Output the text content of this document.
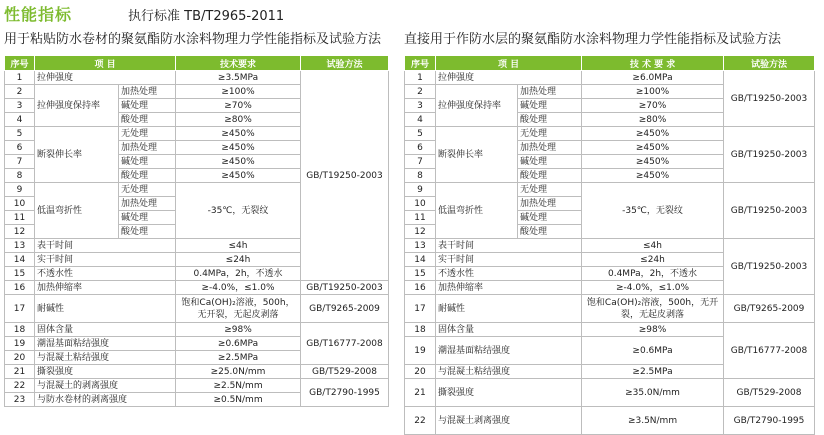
性能指标	执行标准 TB/T2965-2011
用于粘贴防水卷材的聚氨酯防水涂料物理力学性能指标及试验方法 直接用于作防水层的聚氨酯防水涂料物理力学性能指标及试验方法
序号	项 目		技术要求	试验方法
1	拉伸强度		≥3.5MPa	GB/T19250-2003
2	拉伸强度保持率	加热处理	≥100%	
3		碱处理	≥70%	
4		酸处理	≥80%	
5	断裂伸长率	无处理	≥450%	
6		加热处理	≥450%	
7		碱处理	≥450%	
8		酸处理	≥450%	
9	低温弯折性	无处理	-35℃，无裂纹	
10		加热处理		
11		碱处理		
12		酸处理		
13	表干时间		≤4h	
14	实干时间		≤24h	
15	不透水性		0.4MPa，2h，不透水	
16	加热伸缩率		≥-4.0%，≤1.0%	GB/T19250-2003
17	耐碱性		饱和Ca(OH)₂溶液，500h，无开裂，无起皮剥落	GB/T9265-2009
18	固体含量		≥98%	GB/T16777-2008
19	潮湿基面粘结强度		≥0.6MPa	
20	与混凝土粘结强度		≥2.5MPa	
21	撕裂强度		≥25.0N/mm	GB/T529-2008
22	与混凝土的剥离强度		≥2.5N/mm	GB/T2790-1995
23	与防水卷材的剥离强度		≥0.5N/mm	
序号	项 目		技 术 要 求	试验方法
1	拉伸强度		≥6.0MPa	GB/T19250-2003
2	拉伸强度保持率	加热处理	≥100%	
3		碱处理	≥70%	
4		酸处理	≥80%	
5	断裂伸长率	无处理	≥450%	GB/T19250-2003
6		加热处理	≥450%	
7		碱处理	≥450%	
8		酸处理	≥450%	
9	低温弯折性	无处理	-35℃，无裂纹	GB/T19250-2003
10		加热处理		
11		碱处理		
12		酸处理		
13	表干时间		≤4h	GB/T19250-2003
14	实干时间		≤24h	
15	不透水性		0.4MPa，2h，不透水	
16	加热伸缩率		≥-4.0%，≤1.0%	
17	耐碱性		饱和Ca(OH)₂溶液，500h，无开裂，无起皮剥落	GB/T9265-2009
18	固体含量		≥98%	GB/T16777-2008
19	潮湿基面粘结强度		≥0.6MPa	
20	与混凝土粘结强度		≥2.5MPa	
21	撕裂强度		≥35.0N/mm	GB/T529-2008
22	与混凝土剥离强度		≥3.5N/mm	GB/T2790-1995
